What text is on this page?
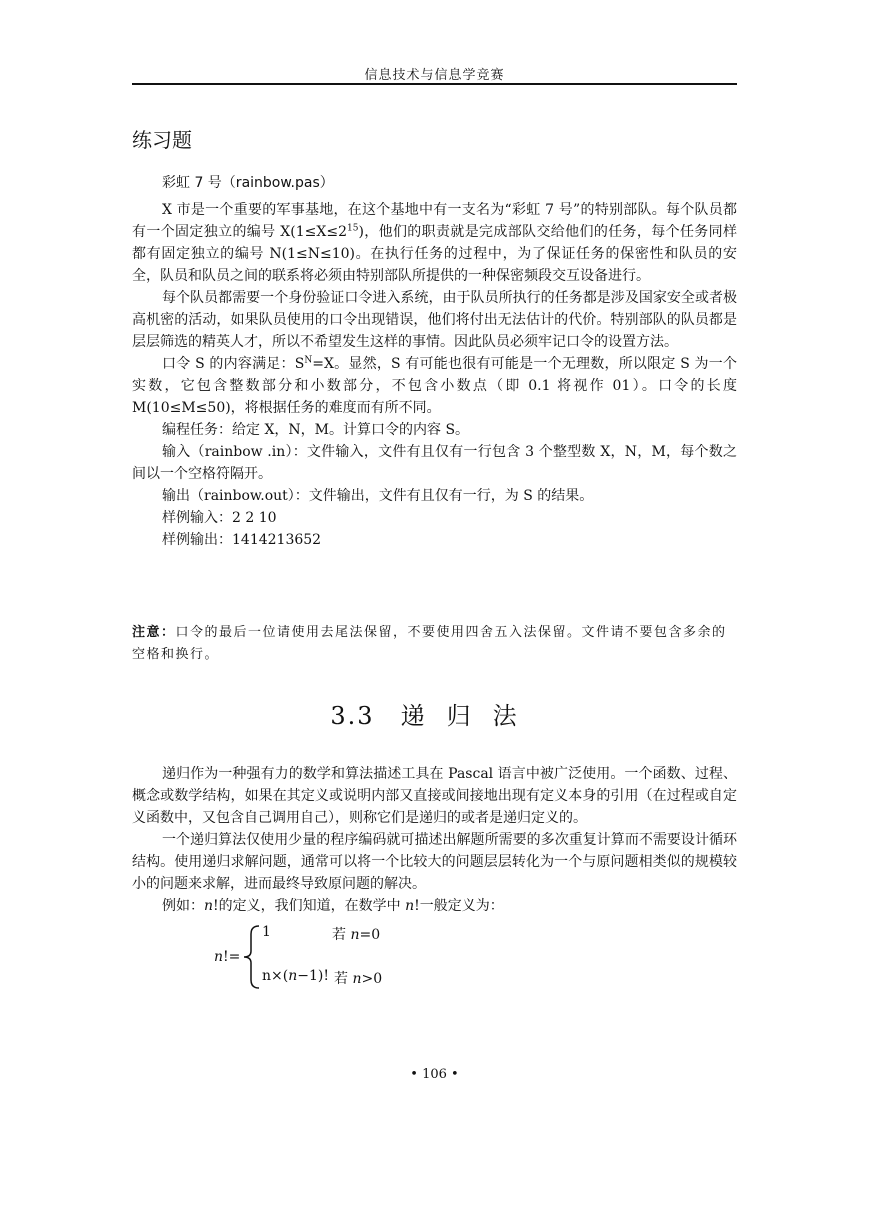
信息技术与信息学竞赛
练习题
彩虹 7 号（rainbow.pas）

X 市是一个重要的军事基地，在这个基地中有一支名为“彩虹 7 号”的特别部队。每个队员都有一个固定独立的编号 $X(1\le X\le 2^{15})$，他们的职责就是完成部队交给他们的任务，每个任务同样都有固定独立的编号 N(1≤N≤10)。在执行任务的过程中，为了保证任务的保密性和队员的安全，队员和队员之间的联系将必须由特别部队所提供的一种保密频段交互设备进行。

每个队员都需要一个身份验证口令进入系统，由于队员所执行的任务都是涉及国家安全或者极高机密的活动，如果队员使用的口令出现错误，他们将付出无法估计的代价。特别部队的队员都是层层筛选的精英人才，所以不希望发生这样的事情。因此队员必须牢记口令的设置方法。

口令 S 的内容满足：$S^N=X$。显然，S 有可能也很有可能是一个无理数，所以限定 S 为一个实数，它包含整数部分和小数部分，不包含小数点（即 0.1 将视作 01）。口令的长度 M(10≤M≤50)，将根据任务的难度而有所不同。

编程任务：给定 X，N，M。计算口令的内容 S。

输入（rainbow .in）：文件输入，文件有且仅有一行包含 3 个整型数 X，N，M，每个数之间以一个空格符隔开。

输出（rainbow.out）：文件输出，文件有且仅有一行，为 S 的结果。

样例输入：2 2 10

样例输出：1414213652

注意：口令的最后一位请使用去尾法保留，不要使用四舍五入法保留。文件请不要包含多余的空格和换行。
3.3 递归法

递归作为一种强有力的数学和算法描述工具在 Pascal 语言中被广泛使用。一个函数、过程、概念或数学结构，如果在其定义或说明内部又直接或间接地出现有定义本身的引用（在过程或自定义函数中，又包含自己调用自己），则称它们是递归的或者是递归定义的。

一个递归算法仅使用少量的程序编码就可描述出解题所需要的多次重复计算而不需要设计循环结构。使用递归求解问题，通常可以将一个比较大的问题层层转化为一个与原问题相类似的规模较小的问题来求解，进而最终导致原问题的解决。

例如：n!的定义，我们知道，在数学中 n!一般定义为：

n!=
1	若 n=0
n×(n−1)! 若 n>0
• 106 •
